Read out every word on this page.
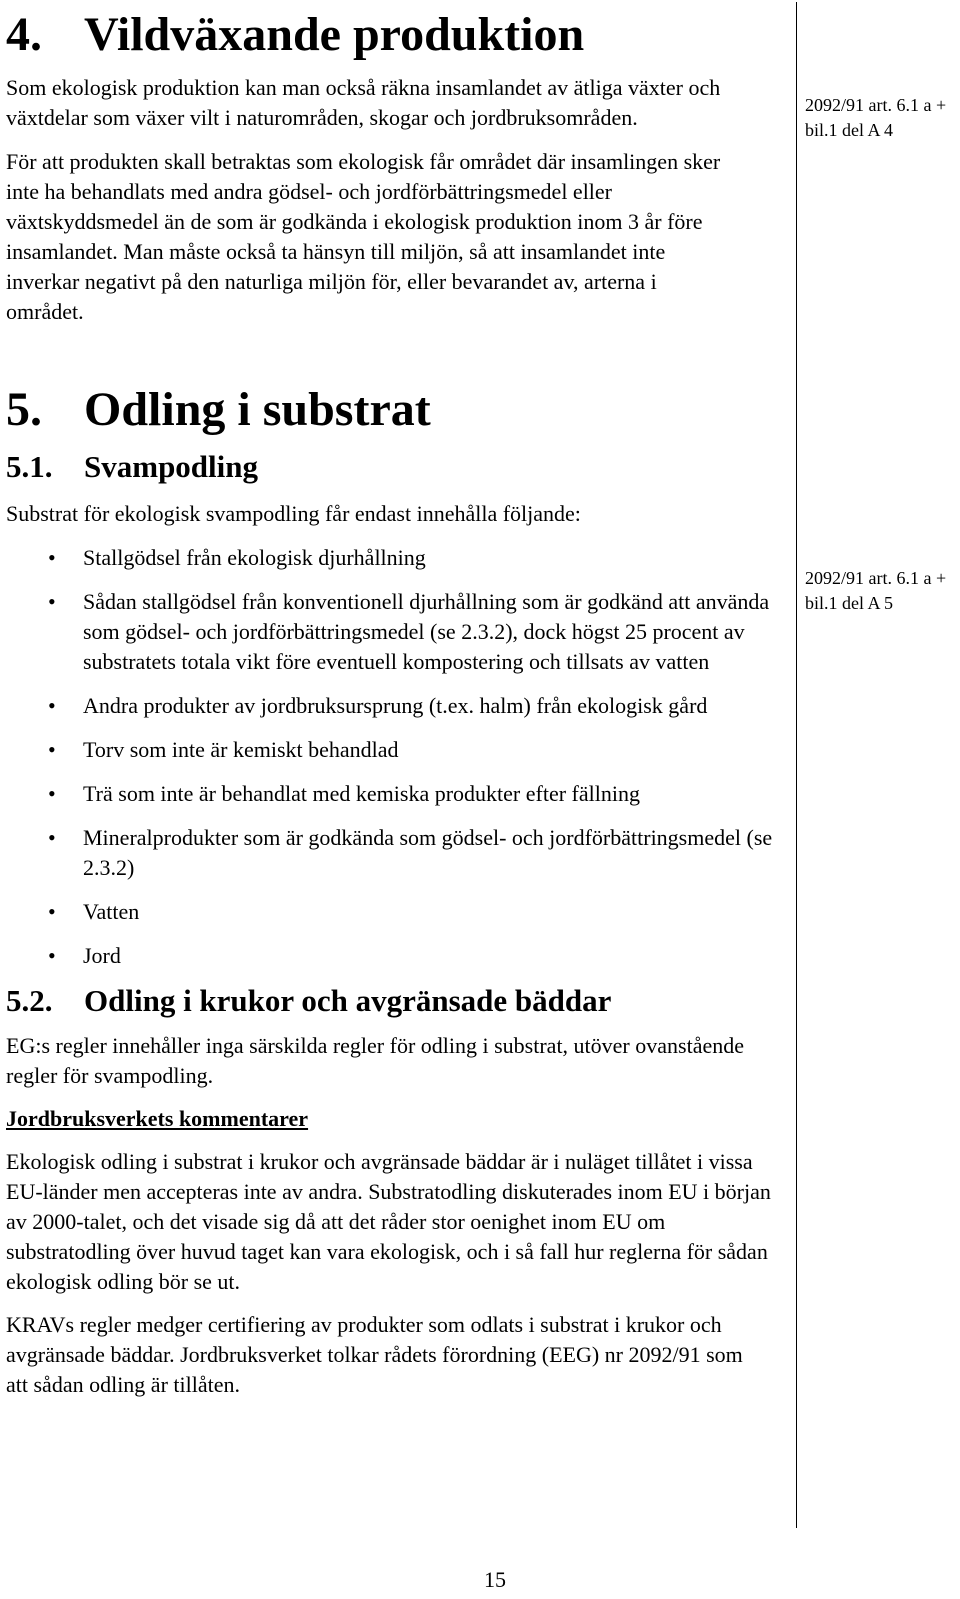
2092/91 art. 6.1 a + bil.1 del A 4
2092/91 art. 6.1 a + bil.1 del A 5
4. Vildväxande produktion

Som ekologisk produktion kan man också räkna insamlandet av ätliga växter och växtdelar som växer vilt i naturområden, skogar och jordbruksområden.

För att produkten skall betraktas som ekologisk får området där insamlingen sker inte ha behandlats med andra gödsel- och jordförbättringsmedel eller växtskyddsmedel än de som är godkända i ekologisk produktion inom 3 år före insamlandet. Man måste också ta hänsyn till miljön, så att insamlandet inte inverkar negativt på den naturliga miljön för, eller bevarandet av, arterna i området.

5. Odling i substrat
5.1. Svampodling

Substrat för ekologisk svampodling får endast innehålla följande:

• Stallgödsel från ekologisk djurhållning
• Sådan stallgödsel från konventionell djurhållning som är godkänd att använda som gödsel- och jordförbättringsmedel (se 2.3.2), dock högst 25 procent av substratets totala vikt före eventuell kompostering och tillsats av vatten
• Andra produkter av jordbruksursprung (t.ex. halm) från ekologisk gård
• Torv som inte är kemiskt behandlad
• Trä som inte är behandlat med kemiska produkter efter fällning
• Mineralprodukter som är godkända som gödsel- och jordförbättringsmedel (se 2.3.2)
• Vatten
• Jord
5.2. Odling i krukor och avgränsade bäddar

EG:s regler innehåller inga särskilda regler för odling i substrat, utöver ovanstående regler för svampodling.

Jordbruksverkets kommentarer

Ekologisk odling i substrat i krukor och avgränsade bäddar är i nuläget tillåtet i vissa EU-länder men accepteras inte av andra. Substratodling diskuterades inom EU i början av 2000-talet, och det visade sig då att det råder stor oenighet inom EU om substratodling över huvud taget kan vara ekologisk, och i så fall hur reglerna för sådan ekologisk odling bör se ut.

KRAVs regler medger certifiering av produkter som odlats i substrat i krukor och avgränsade bäddar. Jordbruksverket tolkar rådets förordning (EEG) nr 2092/91 som att sådan odling är tillåten.

15
